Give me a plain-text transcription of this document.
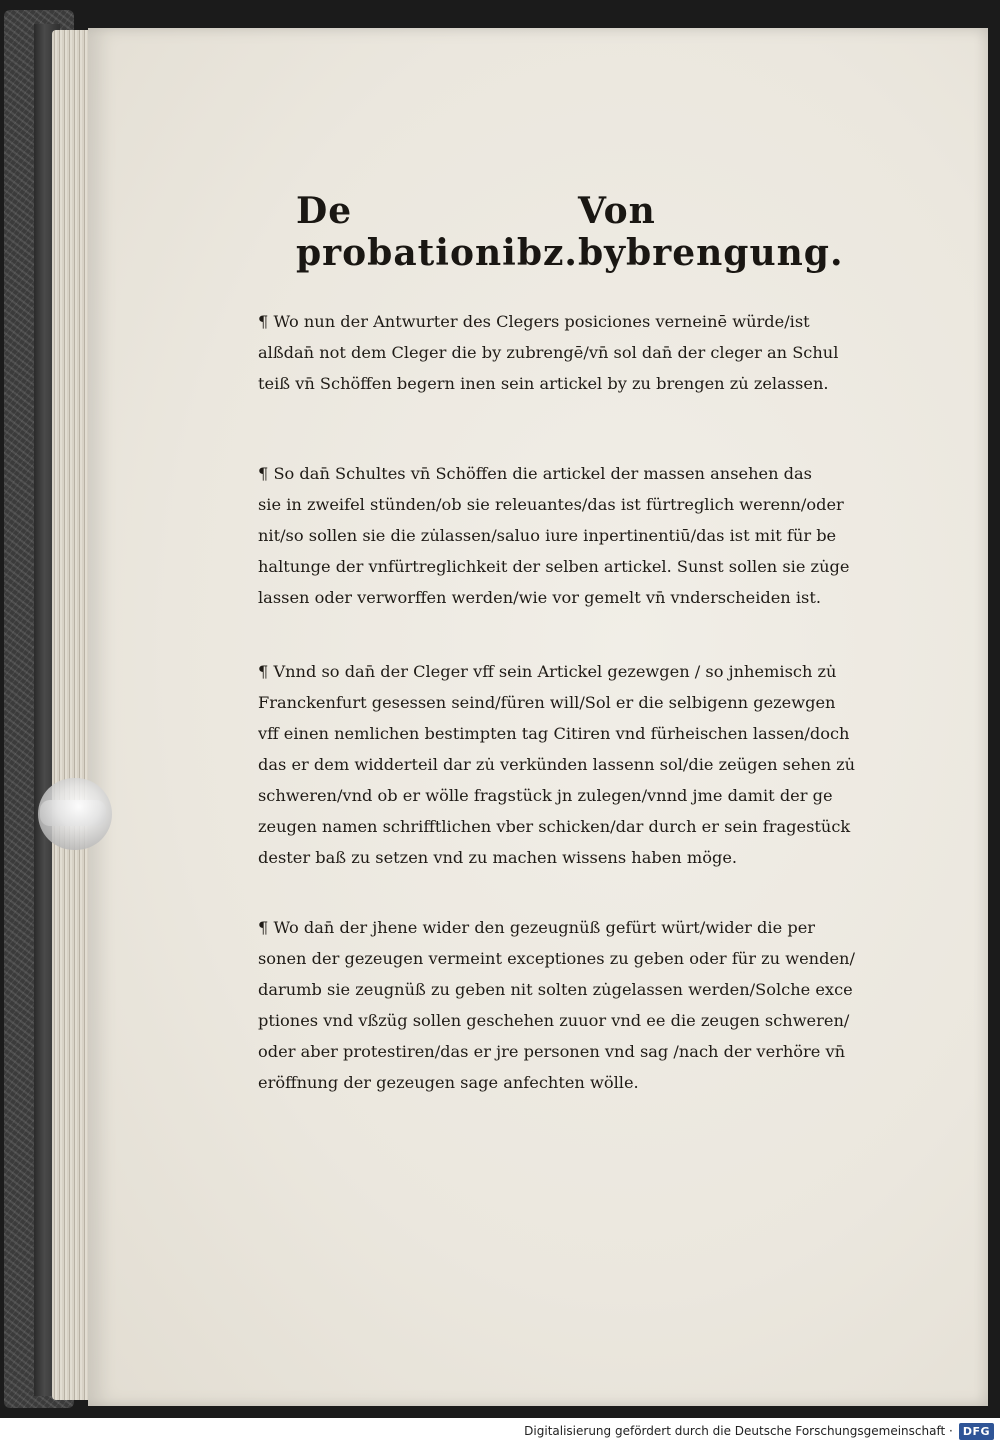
De probationibz.
Von bybrengung.
¶ Wo nun der Antwurter des Clegers posiciones verneinē würde/ist
alßdan̄ not dem Cleger die by zubrengē/vn̄ sol dan̄ der cleger an Schul
teiß vn̄ Schöffen begern inen sein artickel by zu brengen zu̇ zelassen.
¶ So dan̄ Schultes vn̄ Schöffen die artickel der massen ansehen das
sie in zweifel stünden/ob sie releuantes/das ist fürtreglich werenn/oder
nit/so sollen sie die zu̇lassen/saluo iure inpertinentiū/das ist mit für be
haltunge der vnfürtreglichkeit der selben artickel. Sunst sollen sie zu̇ge
lassen oder verworffen werden/wie vor gemelt vn̄ vnderscheiden ist.
¶ Vnnd so dan̄ der Cleger vff sein Artickel gezewgen / so jnhemisch zu̇
Franckenfurt gesessen seind/füren will/Sol er die selbigenn gezewgen
vff einen nemlichen bestimpten tag Citiren vnd fürheischen lassen/doch
das er dem widderteil dar zu̇ verkünden lassenn sol/die zeügen sehen zu̇
schweren/vnd ob er wölle fragstück jn zulegen/vnnd jme damit der ge
zeugen namen schrifftlichen vber schicken/dar durch er sein fragestück
dester baß zu setzen vnd zu machen wissens haben möge.
¶ Wo dan̄ der jhene wider den gezeugnüß gefürt würt/wider die per
sonen der gezeugen vermeint exceptiones zu geben oder für zu wenden/
darumb sie zeugnüß zu geben nit solten zu̇gelassen werden/Solche exce
ptiones vnd vßzüg sollen geschehen zuuor vnd ee die zeugen schweren/
oder aber protestiren/das er jre personen vnd sag /nach der verhöre vn̄
eröffnung der gezeugen sage anfechten wölle.
Digitalisierung gefördert durch die Deutsche Forschungsgemeinschaft · DFG
